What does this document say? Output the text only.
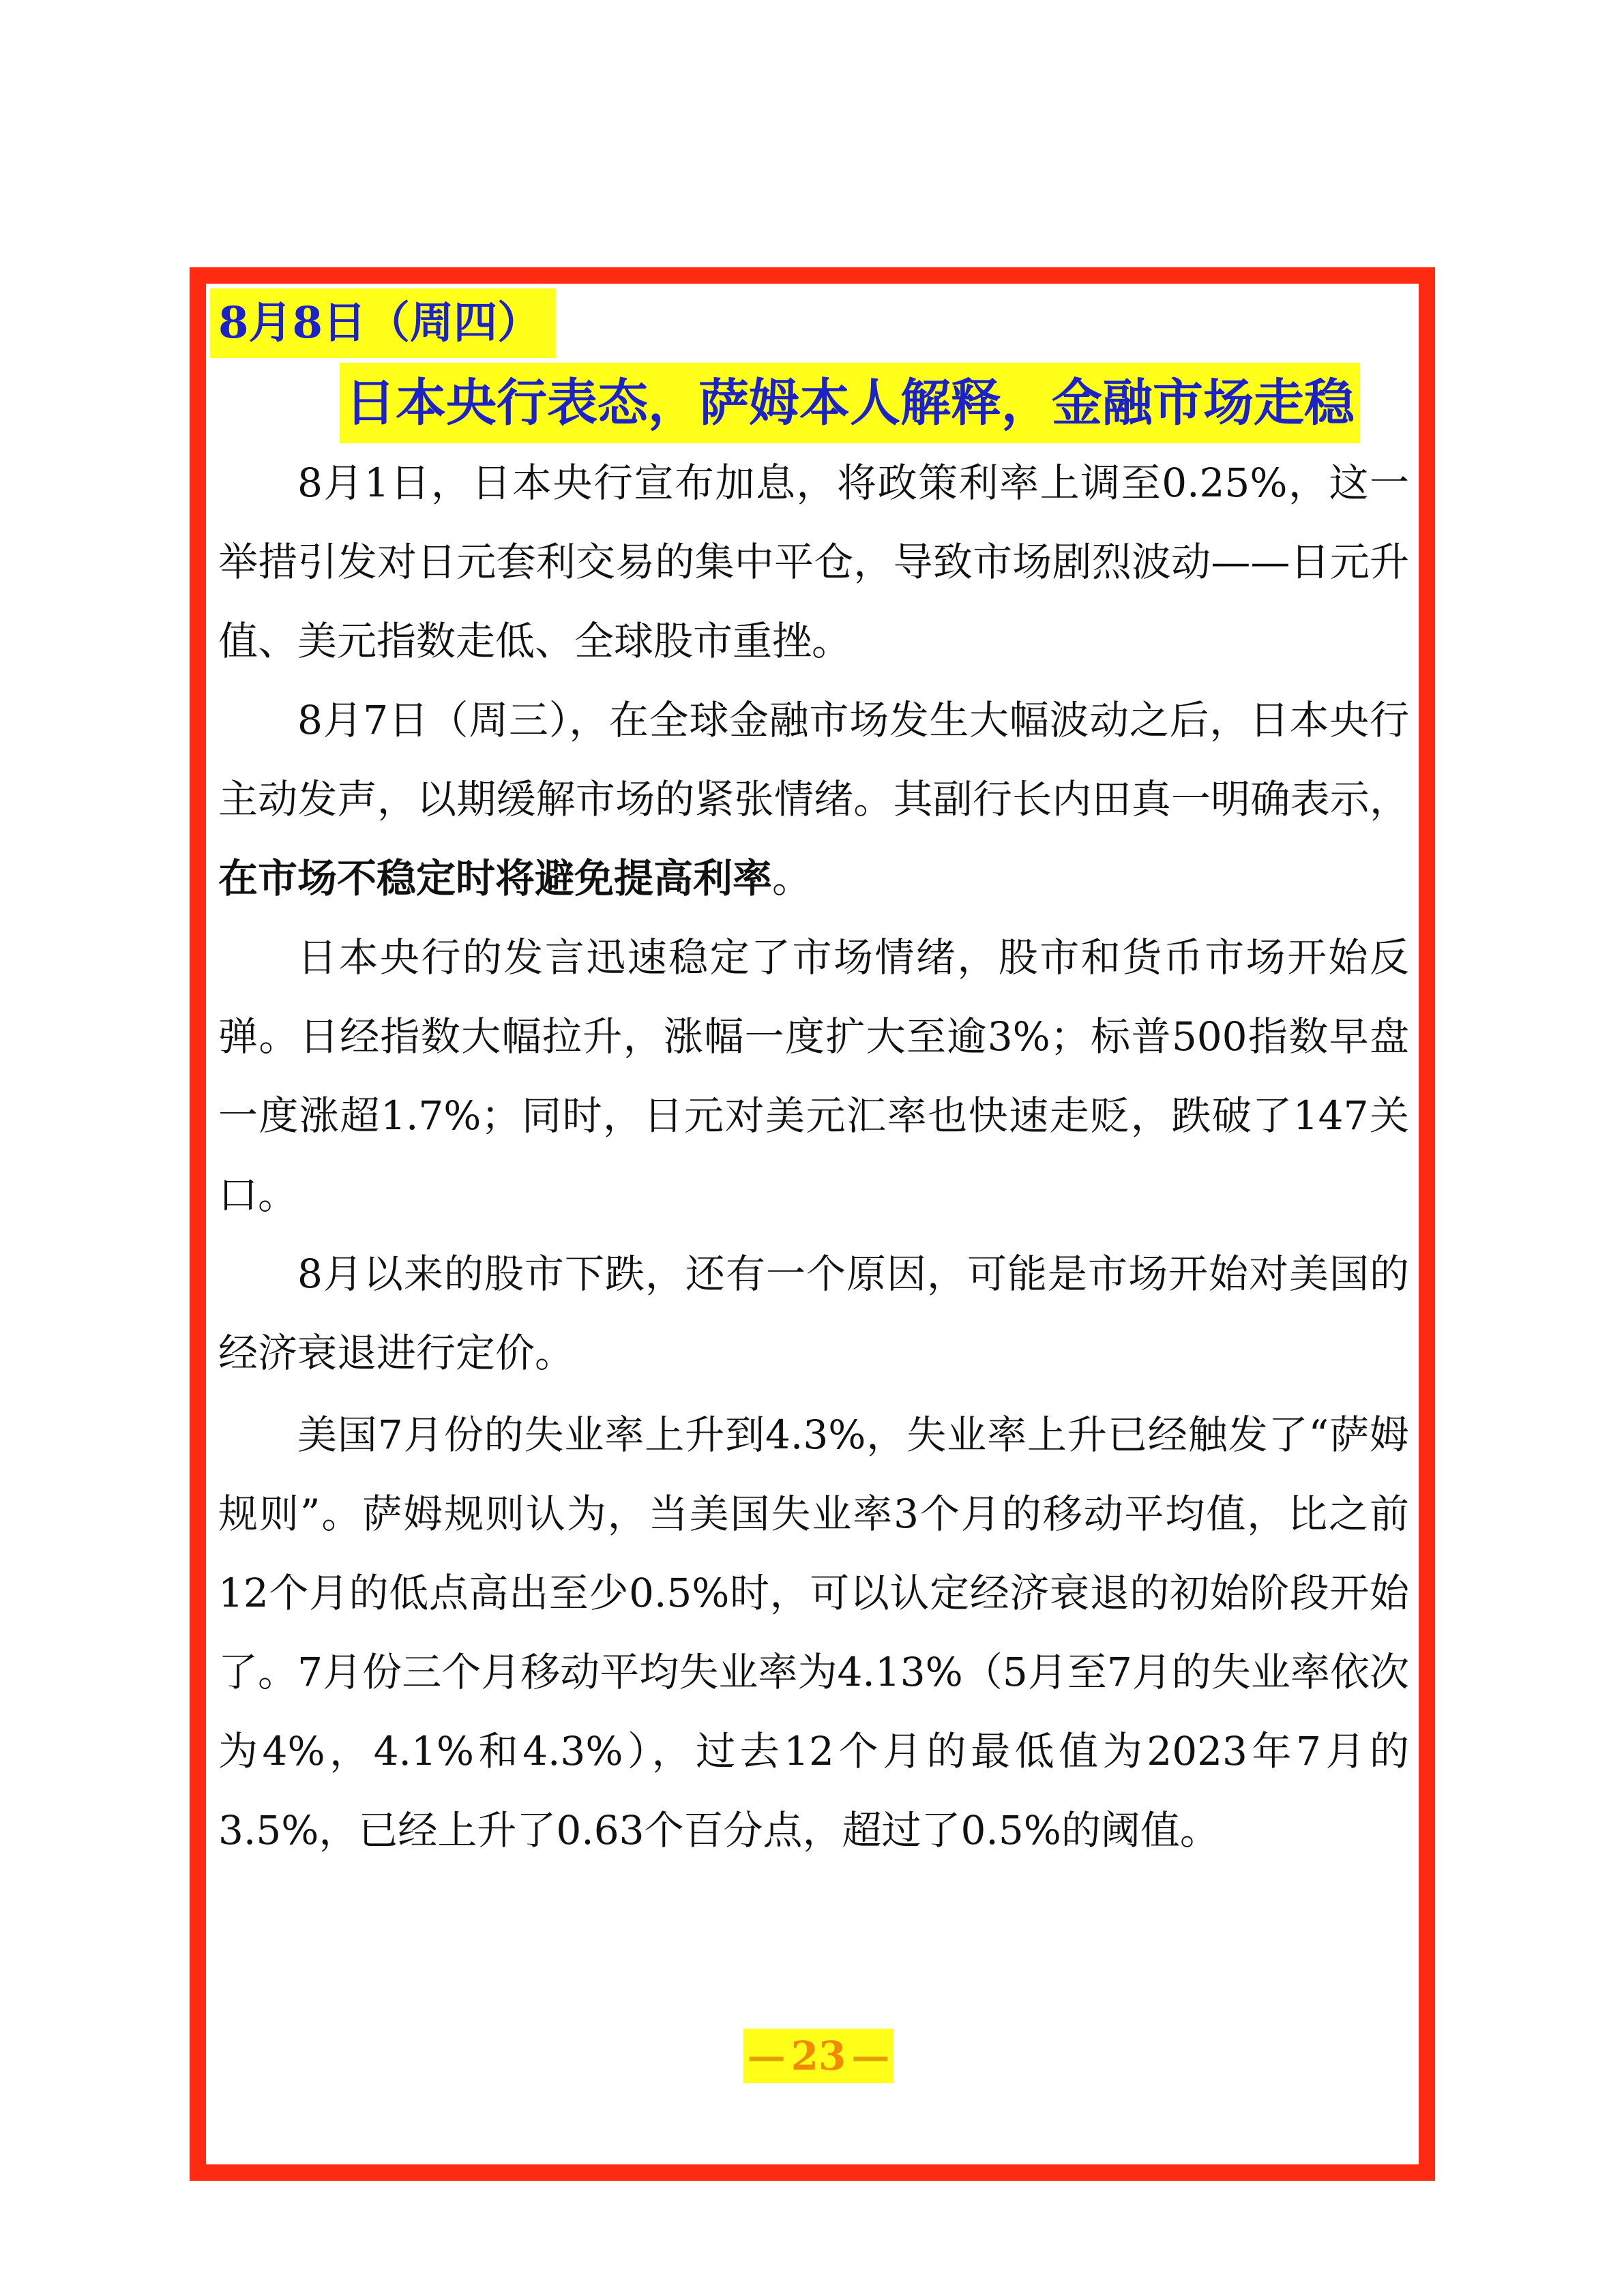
8月8日（周四）
日本央行表态，萨姆本人解释，金融市场走稳

8月1日，日本央行宣布加息，将政策利率上调至0.25%，这一举措引发对日元套利交易的集中平仓，导致市场剧烈波动——日元升值、美元指数走低、全球股市重挫。

8月7日（周三），在全球金融市场发生大幅波动之后，日本央行主动发声，以期缓解市场的紧张情绪。其副行长内田真一明确表示，在市场不稳定时将避免提高利率。

日本央行的发言迅速稳定了市场情绪，股市和货币市场开始反弹。日经指数大幅拉升，涨幅一度扩大至逾3%；标普500指数早盘一度涨超1.7%；同时，日元对美元汇率也快速走贬，跌破了147关口。

8月以来的股市下跌，还有一个原因，可能是市场开始对美国的经济衰退进行定价。

美国7月份的失业率上升到4.3%，失业率上升已经触发了“萨姆规则”。萨姆规则认为，当美国失业率3个月的移动平均值，比之前12个月的低点高出至少0.5%时，可以认定经济衰退的初始阶段开始了。7月份三个月移动平均失业率为4.13%（5月至7月的失业率依次为4%，4.1%和4.3%），过去12个月的最低值为2023年7月的3.5%，已经上升了0.63个百分点，超过了0.5%的阈值。

— 23 —
